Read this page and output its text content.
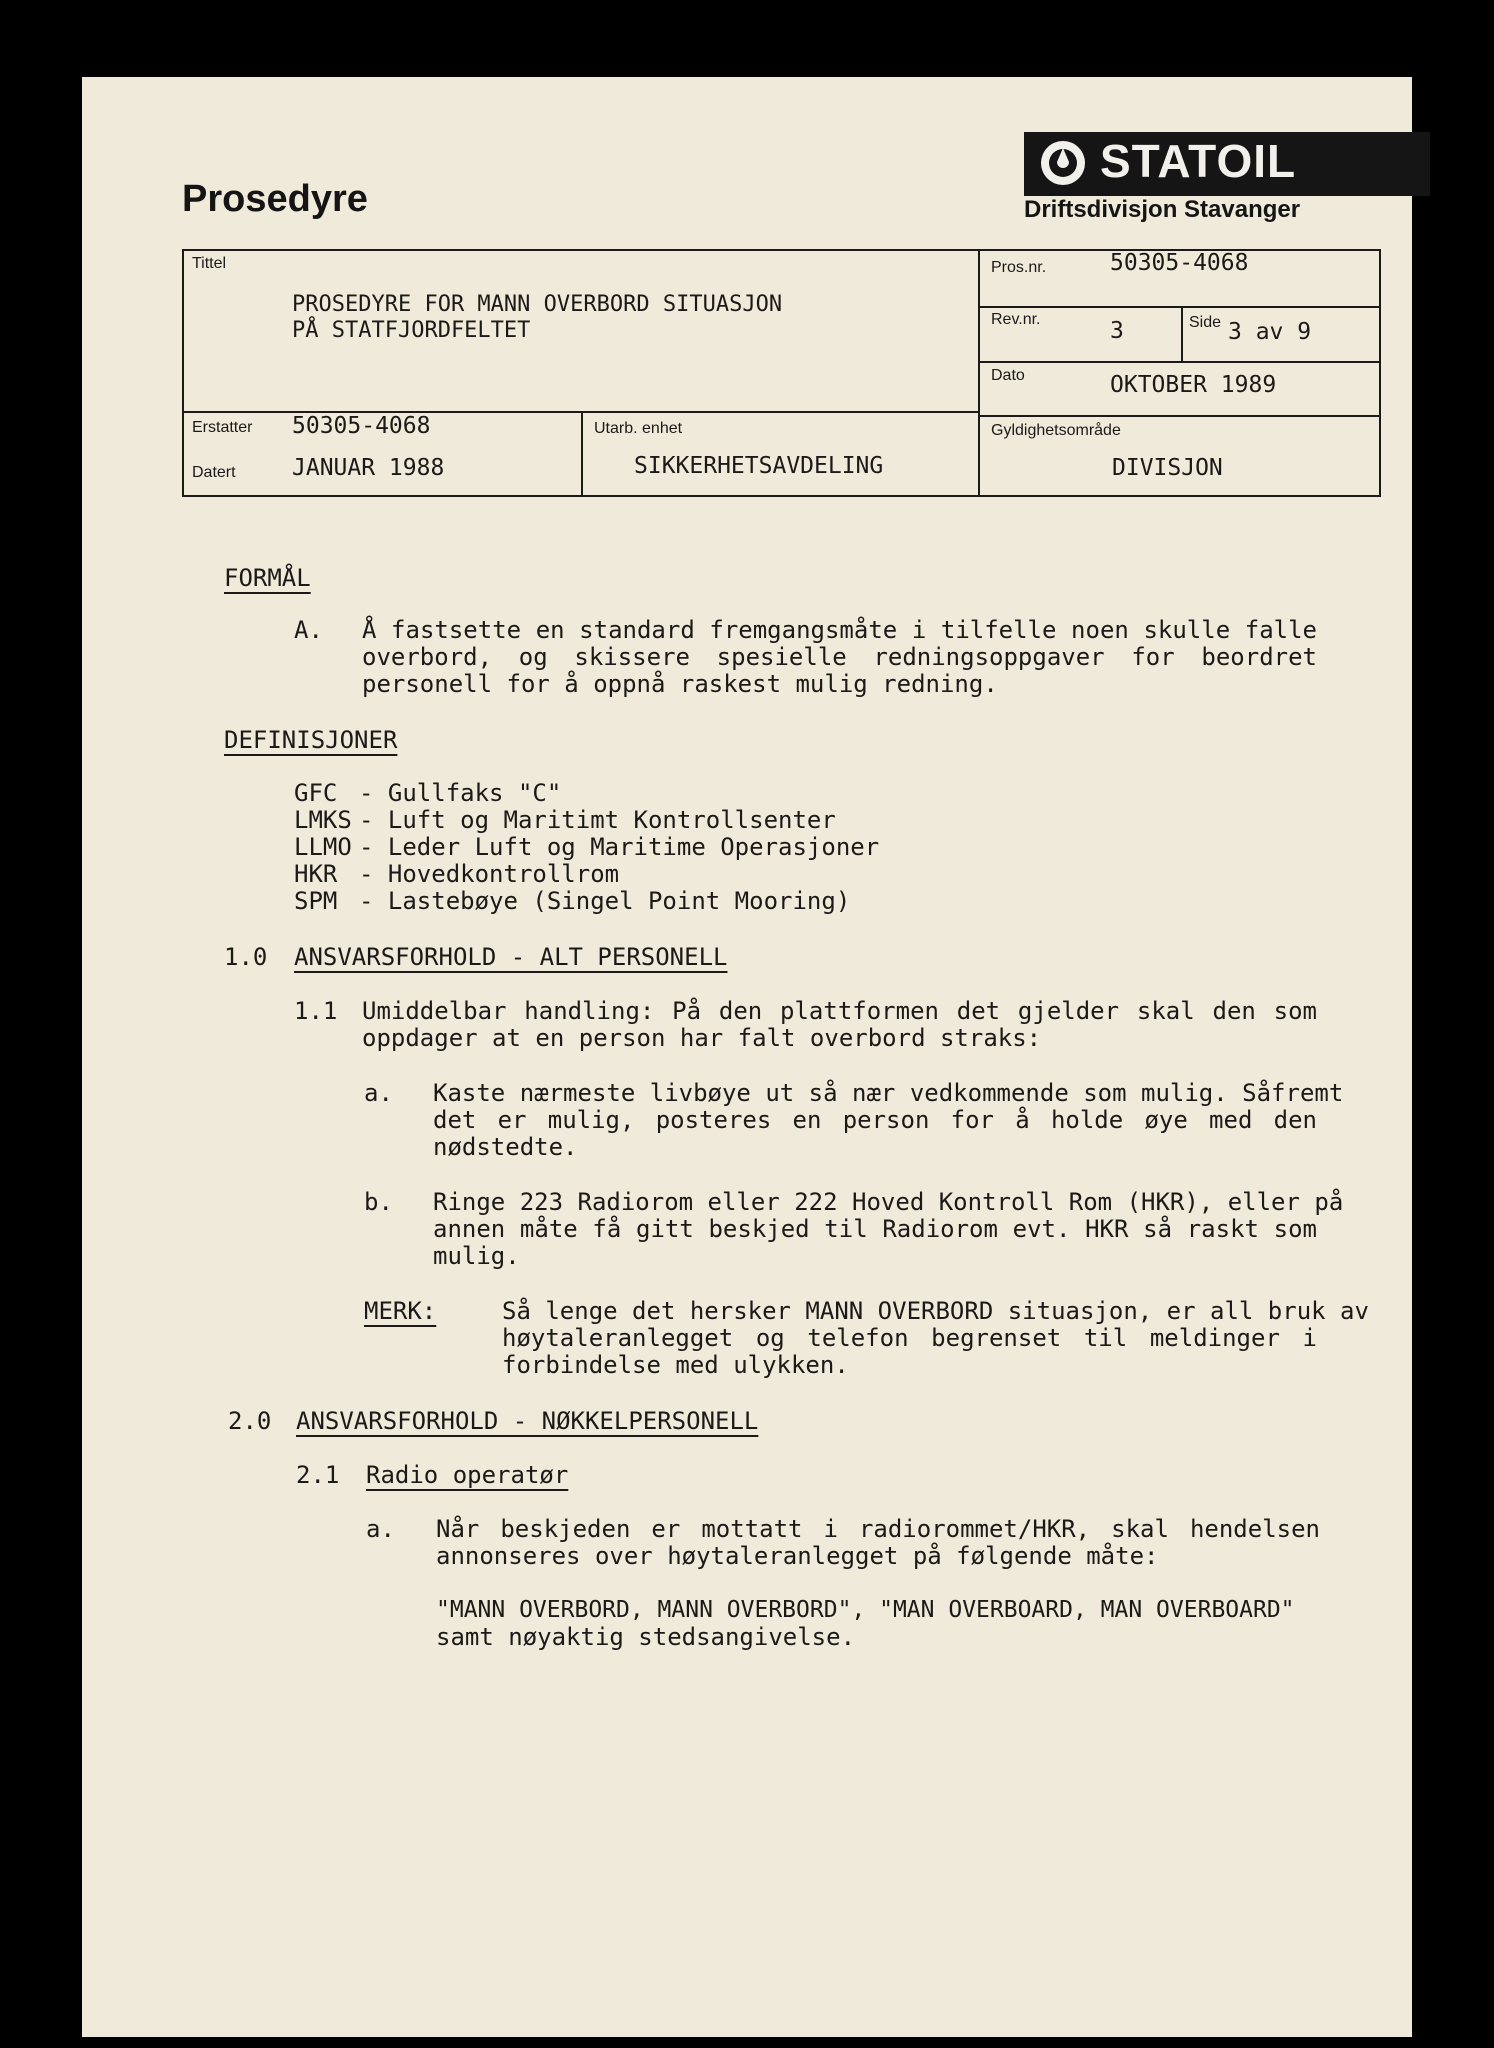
Prosedyre
STATOIL
Driftsdivisjon Stavanger
Tittel
PROSEDYRE FOR MANN OVERBORD SITUASJON
PÅ STATFJORDFELTET
Pros.nr.	50305-4068
Rev.nr.	3	Side 3 av 9
Dato	OKTOBER 1989
Erstatter 50305-4068
Datert JANUAR 1988
Utarb. enhet
SIKKERHETSAVDELING
Gyldighetsområde
DIVISJON
FORMÅL
A. Å fastsette en standard fremgangsmåte i tilfelle noen skulle falle
overbord, og skissere spesielle redningsoppgaver for beordret
personell for å oppnå raskest mulig redning.
DEFINISJONER
GFC - Gullfaks "C"
LMKS - Luft og Maritimt Kontrollsenter
LLMO - Leder Luft og Maritime Operasjoner
HKR - Hovedkontrollrom
SPM - Lastebøye (Singel Point Mooring)
1.0 ANSVARSFORHOLD - ALT PERSONELL
1.1 Umiddelbar handling: På den plattformen det gjelder skal den som
oppdager at en person har falt overbord straks:
a. Kaste nærmeste livbøye ut så nær vedkommende som mulig. Såfremt
det er mulig, posteres en person for å holde øye med den
nødstedte.
b. Ringe 223 Radiorom eller 222 Hoved Kontroll Rom (HKR), eller på
annen måte få gitt beskjed til Radiorom evt. HKR så raskt som
mulig.
MERK:	Så lenge det hersker MANN OVERBORD situasjon, er all bruk av
høytaleranlegget og telefon begrenset til meldinger i
forbindelse med ulykken.
2.0 ANSVARSFORHOLD - NØKKELPERSONELL
2.1 Radio operatør
a. Når beskjeden er mottatt i radiorommet/HKR, skal hendelsen
annonseres over høytaleranlegget på følgende måte:
"MANN OVERBORD, MANN OVERBORD", "MAN OVERBOARD, MAN OVERBOARD"
samt nøyaktig stedsangivelse.
